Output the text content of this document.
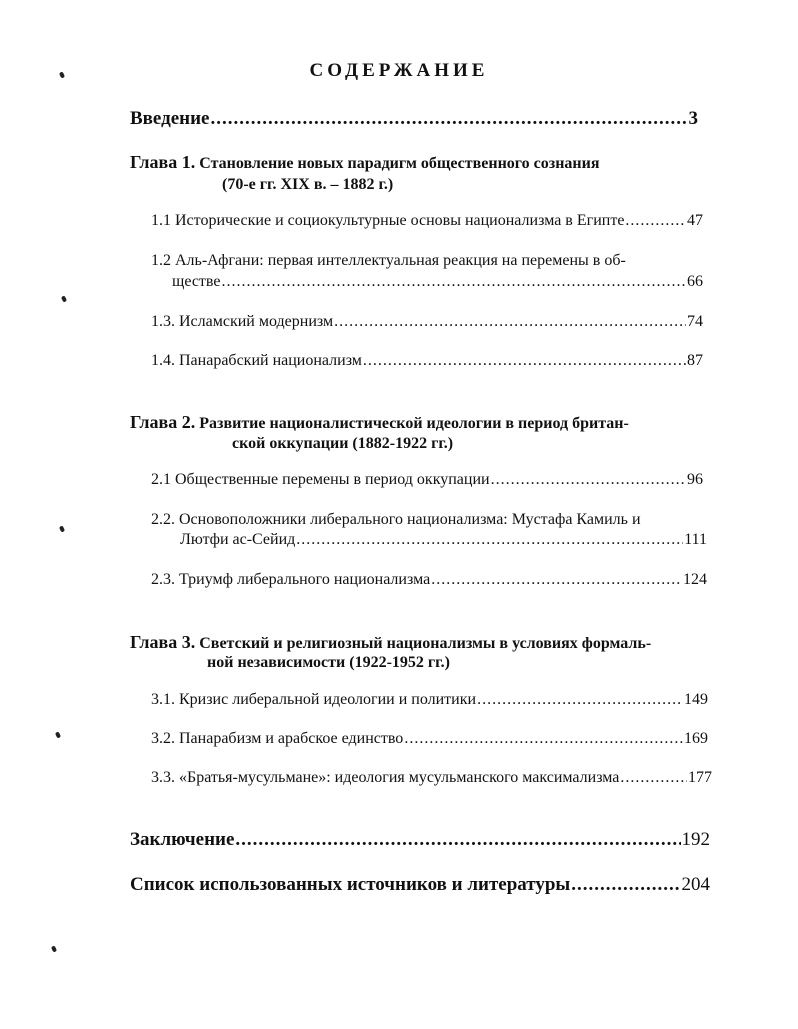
СОДЕРЖАНИЕ
Введение .....	3
Глава 1. Становление новых парадигм общественного сознания
(70-е гг. XIX в. – 1882 г.)
1.1 Исторические и социокультурные основы национализма в Египте .....	47
1.2 Аль-Афгани: первая интеллектуальная реакция на перемены в об-
ществе .....	66
1.3. Исламский модернизм .....	74
1.4. Панарабский национализм .....	87
Глава 2. Развитие националистической идеологии в период британ-
ской оккупации (1882-1922 гг.)
2.1 Общественные перемены в период оккупации .....	96
2.2. Основоположники либерального национализма: Мустафа Камиль и
Лютфи ас-Сейид .....	111
2.3. Триумф либерального национализма .....	124
Глава 3. Светский и религиозный национализмы в условиях формаль-
ной независимости (1922-1952 гг.)
3.1. Кризис либеральной идеологии и политики .....	149
3.2. Панарабизм и арабское единство .....	169
3.3. «Братья-мусульмане»: идеология мусульманского максимализма .....	177
Заключение .....	192
Список использованных источников и литературы .....	204
